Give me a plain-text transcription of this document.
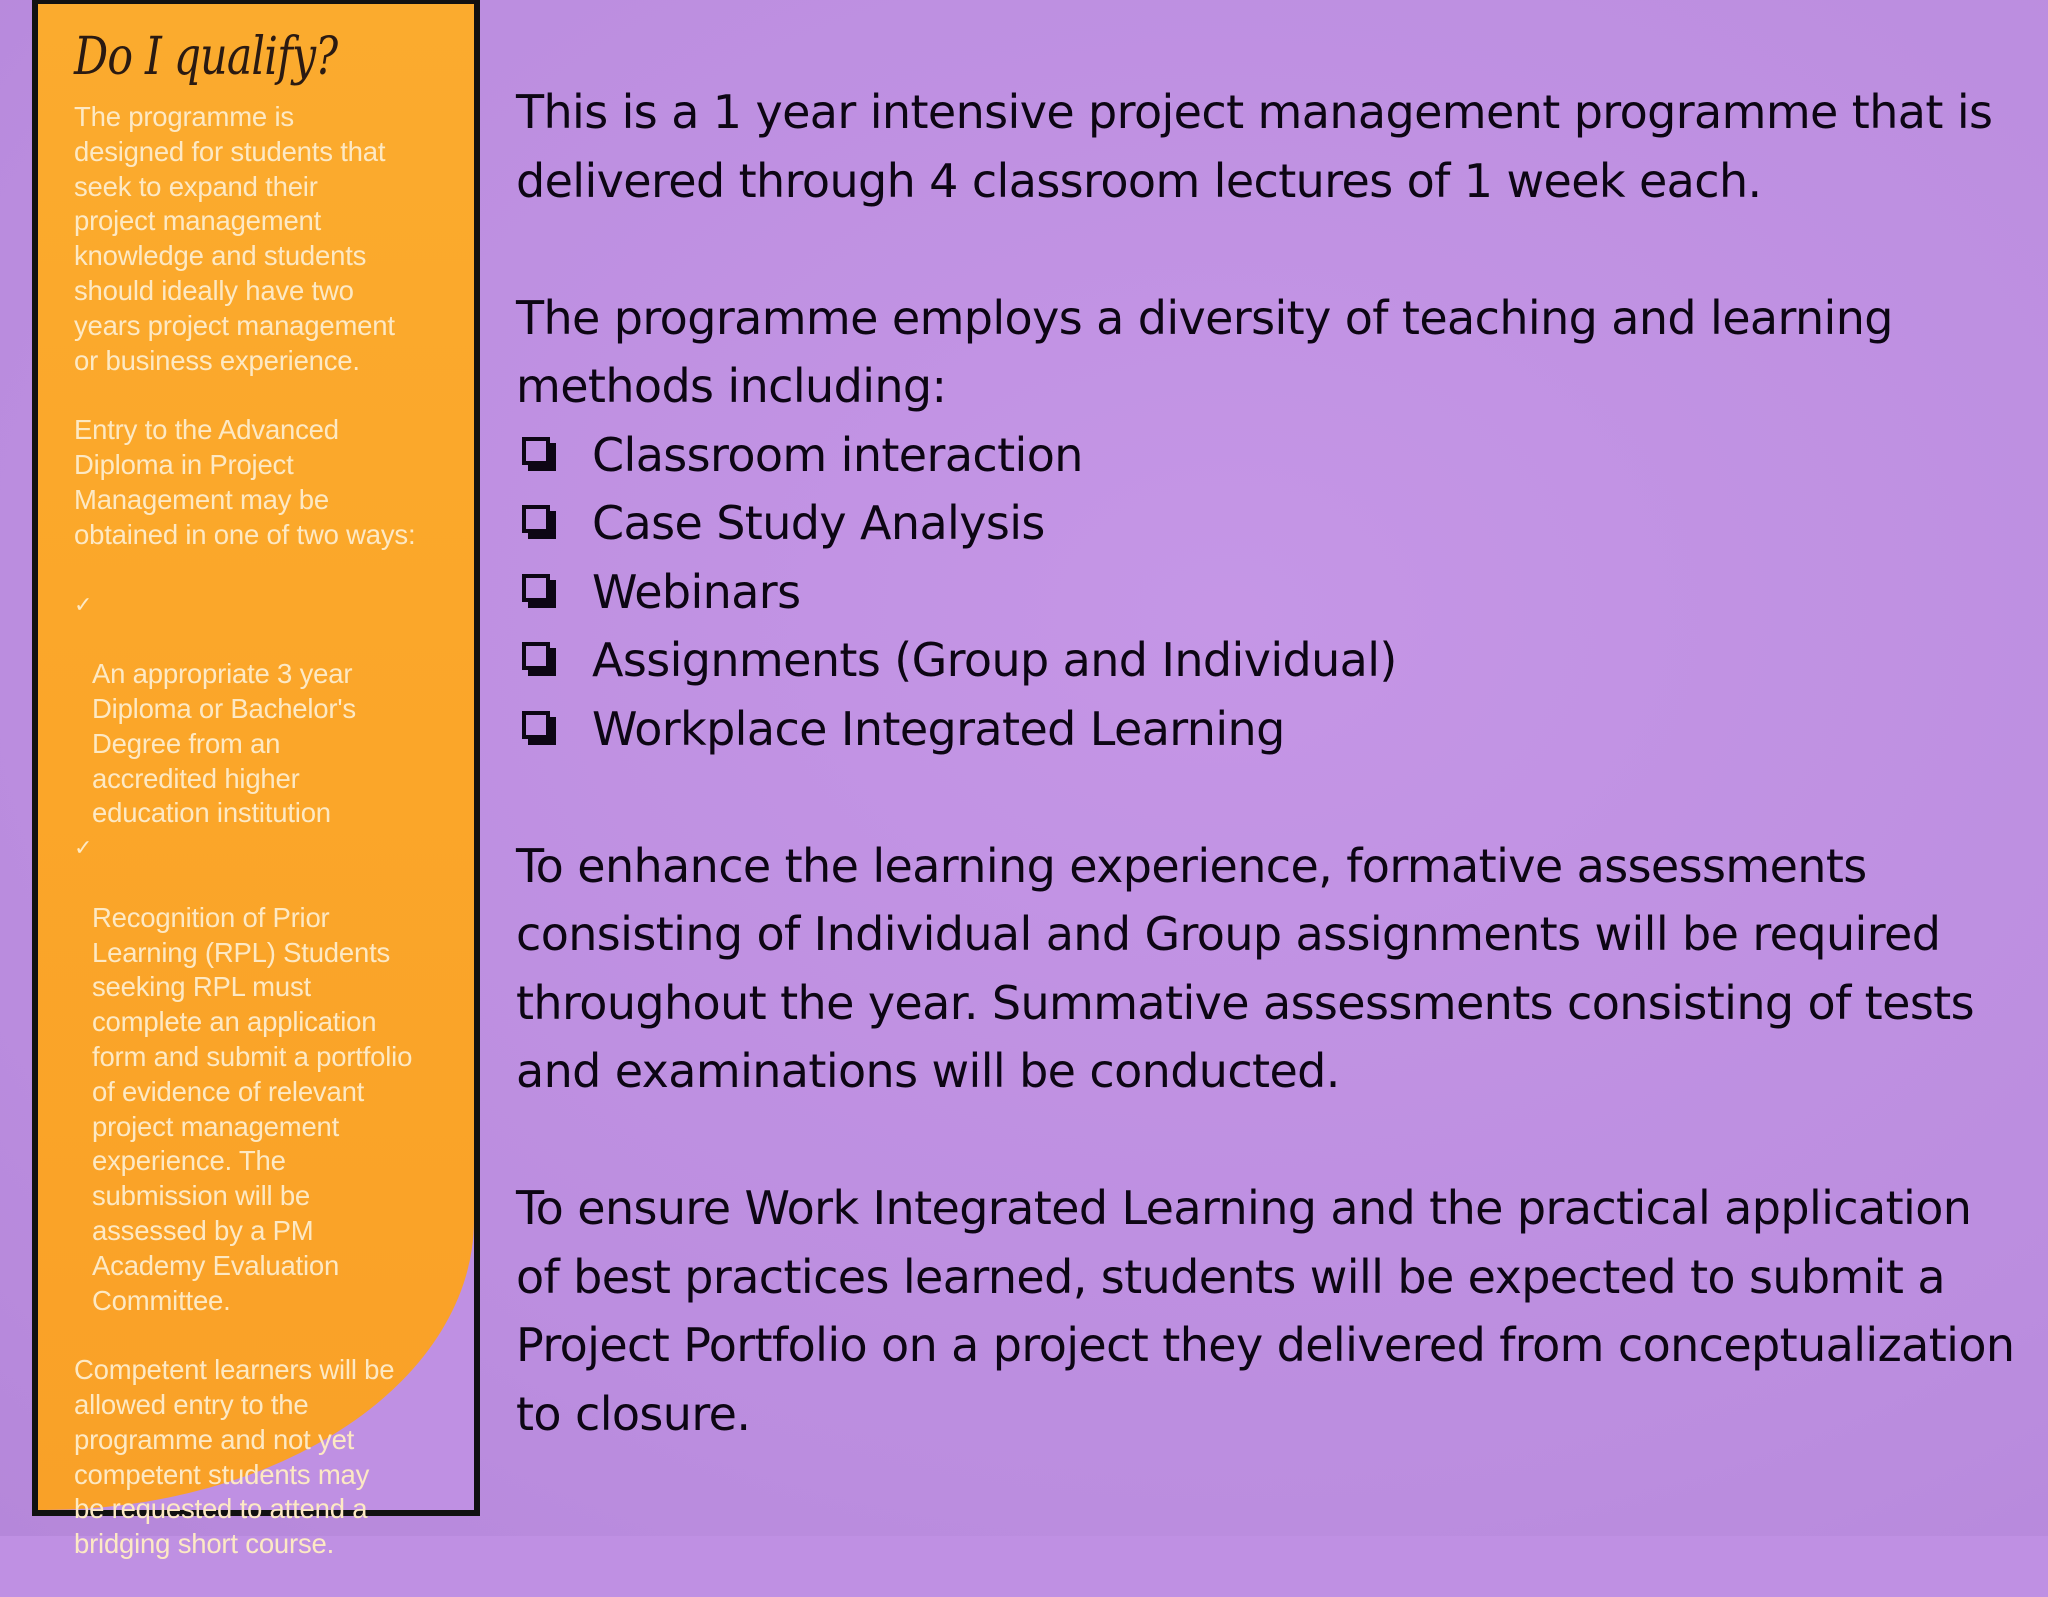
Do I qualify?

The programme is
designed for students that
seek to expand their
project management
knowledge and students
should ideally have two
years project management
or business experience.

Entry to the Advanced
Diploma in Project
Management may be
obtained in one of two ways:

✓

An appropriate 3 year
Diploma or Bachelor's
Degree from an
accredited higher
education institution

✓

Recognition of Prior
Learning (RPL) Students
seeking RPL must
complete an application
form and submit a portfolio
of evidence of relevant
project management
experience. The
submission will be
assessed by a PM
Academy Evaluation
Committee.

Competent learners will be
allowed entry to the
programme and not yet
competent students may
be requested to attend a
bridging short course.

This is a 1 year intensive project management programme that is delivered through 4 classroom lectures of 1 week each.

The programme employs a diversity of teaching and learning methods including:

Classroom interaction
Case Study Analysis
Webinars
Assignments (Group and Individual)
Workplace Integrated Learning

To enhance the learning experience, formative assessments consisting of Individual and Group assignments will be required throughout the year. Summative assessments consisting of tests and examinations will be conducted.

To ensure Work Integrated Learning and the practical application of best practices learned, students will be expected to submit a Project Portfolio on a project they delivered from conceptualization to closure.
